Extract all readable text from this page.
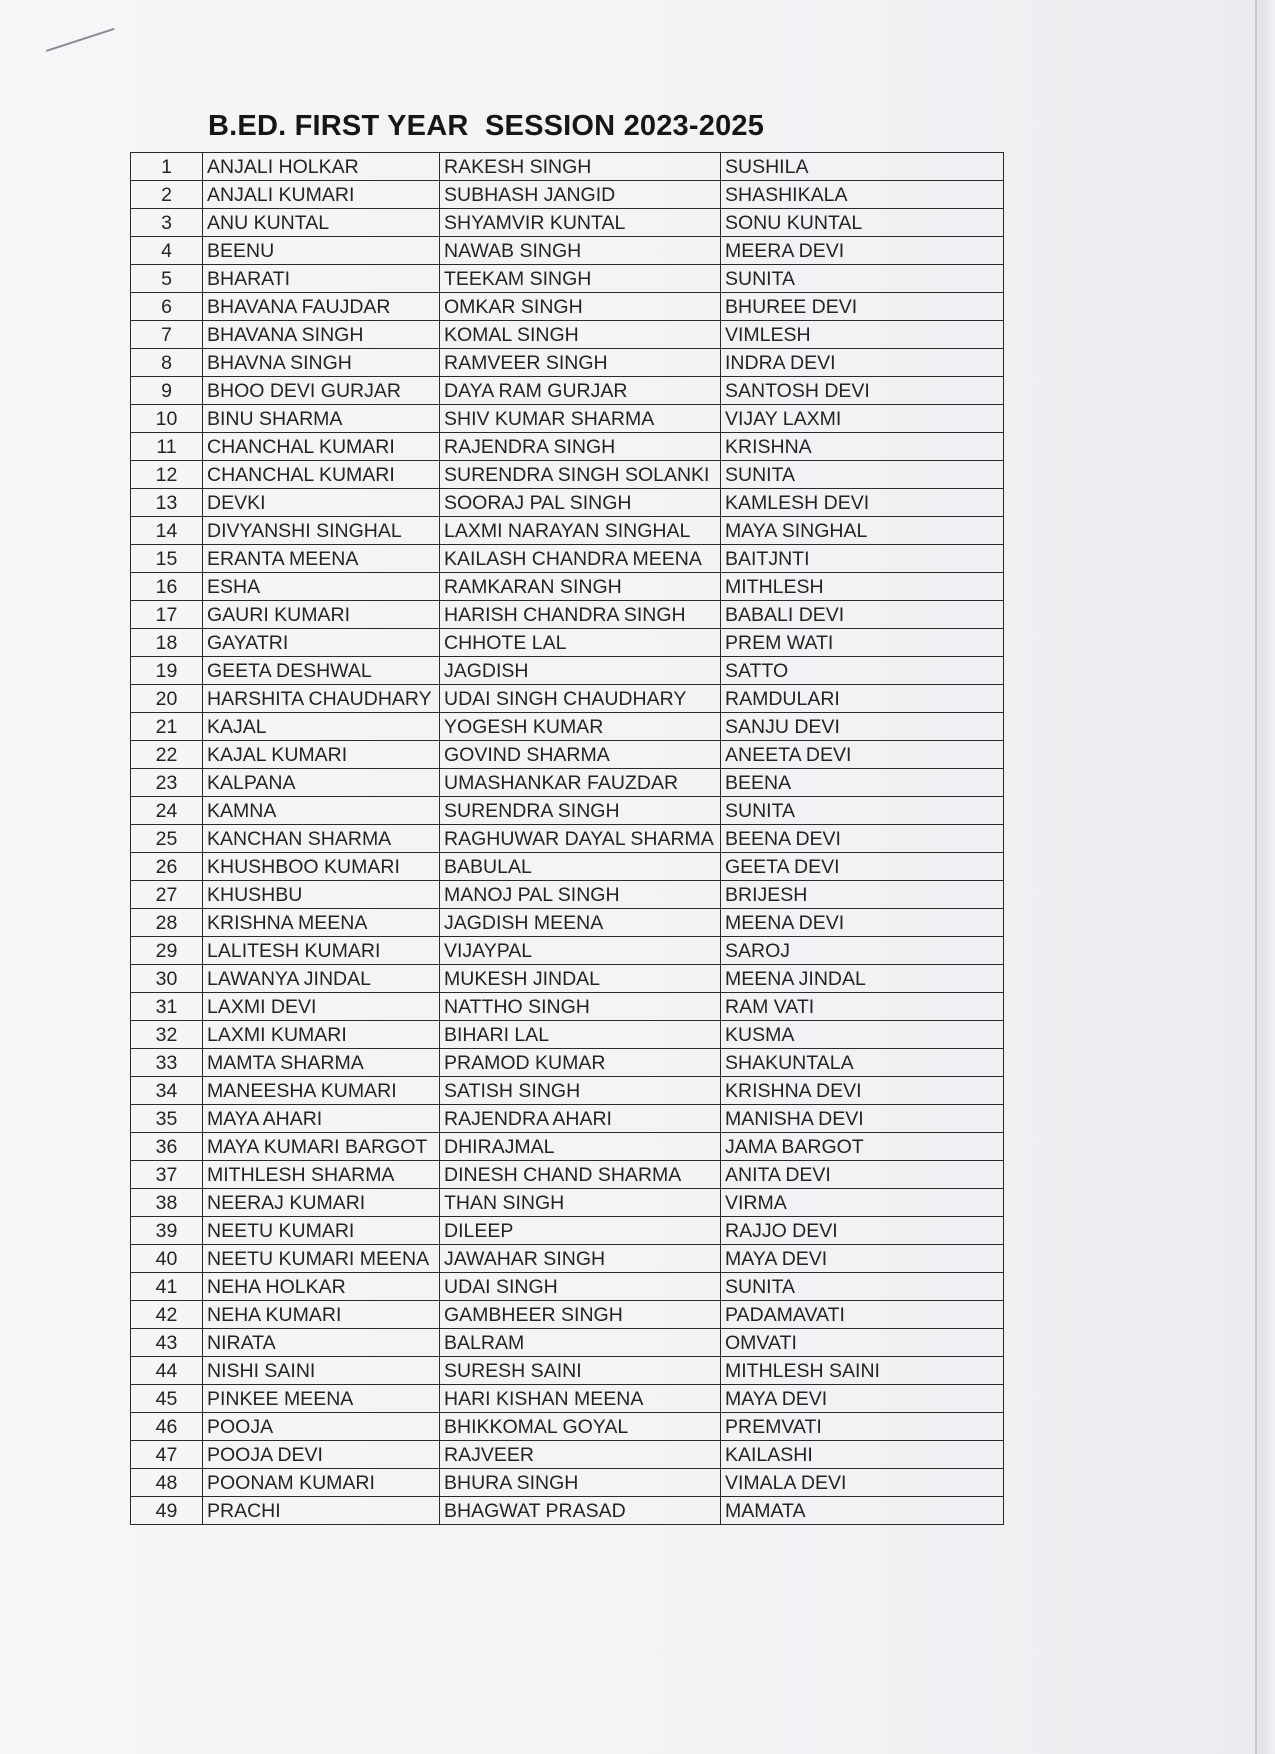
B.ED. FIRST YEAR  SESSION 2023-2025
1	ANJALI HOLKAR	RAKESH SINGH	SUSHILA
2	ANJALI KUMARI	SUBHASH JANGID	SHASHIKALA
3	ANU KUNTAL	SHYAMVIR KUNTAL	SONU KUNTAL
4	BEENU	NAWAB SINGH	MEERA DEVI
5	BHARATI	TEEKAM SINGH	SUNITA
6	BHAVANA FAUJDAR	OMKAR SINGH	BHUREE DEVI
7	BHAVANA SINGH	KOMAL SINGH	VIMLESH
8	BHAVNA SINGH	RAMVEER SINGH	INDRA DEVI
9	BHOO DEVI GURJAR	DAYA RAM GURJAR	SANTOSH DEVI
10	BINU SHARMA	SHIV KUMAR SHARMA	VIJAY LAXMI
11	CHANCHAL KUMARI	RAJENDRA SINGH	KRISHNA
12	CHANCHAL KUMARI	SURENDRA SINGH SOLANKI	SUNITA
13	DEVKI	SOORAJ PAL SINGH	KAMLESH DEVI
14	DIVYANSHI SINGHAL	LAXMI NARAYAN SINGHAL	MAYA SINGHAL
15	ERANTA MEENA	KAILASH CHANDRA MEENA	BAITJNTI
16	ESHA	RAMKARAN SINGH	MITHLESH
17	GAURI KUMARI	HARISH CHANDRA SINGH	BABALI DEVI
18	GAYATRI	CHHOTE LAL	PREM WATI
19	GEETA DESHWAL	JAGDISH	SATTO
20	HARSHITA CHAUDHARY	UDAI SINGH CHAUDHARY	RAMDULARI
21	KAJAL	YOGESH KUMAR	SANJU DEVI
22	KAJAL KUMARI	GOVIND SHARMA	ANEETA DEVI
23	KALPANA	UMASHANKAR FAUZDAR	BEENA
24	KAMNA	SURENDRA SINGH	SUNITA
25	KANCHAN SHARMA	RAGHUWAR DAYAL SHARMA	BEENA DEVI
26	KHUSHBOO KUMARI	BABULAL	GEETA DEVI
27	KHUSHBU	MANOJ PAL SINGH	BRIJESH
28	KRISHNA MEENA	JAGDISH MEENA	MEENA DEVI
29	LALITESH KUMARI	VIJAYPAL	SAROJ
30	LAWANYA JINDAL	MUKESH JINDAL	MEENA JINDAL
31	LAXMI DEVI	NATTHO SINGH	RAM VATI
32	LAXMI KUMARI	BIHARI LAL	KUSMA
33	MAMTA SHARMA	PRAMOD KUMAR	SHAKUNTALA
34	MANEESHA KUMARI	SATISH SINGH	KRISHNA DEVI
35	MAYA AHARI	RAJENDRA AHARI	MANISHA DEVI
36	MAYA KUMARI BARGOT	DHIRAJMAL	JAMA BARGOT
37	MITHLESH SHARMA	DINESH CHAND SHARMA	ANITA DEVI
38	NEERAJ KUMARI	THAN SINGH	VIRMA
39	NEETU KUMARI	DILEEP	RAJJO DEVI
40	NEETU KUMARI MEENA	JAWAHAR SINGH	MAYA DEVI
41	NEHA HOLKAR	UDAI SINGH	SUNITA
42	NEHA KUMARI	GAMBHEER SINGH	PADAMAVATI
43	NIRATA	BALRAM	OMVATI
44	NISHI SAINI	SURESH SAINI	MITHLESH SAINI
45	PINKEE MEENA	HARI KISHAN MEENA	MAYA DEVI
46	POOJA	BHIKKOMAL GOYAL	PREMVATI
47	POOJA DEVI	RAJVEER	KAILASHI
48	POONAM KUMARI	BHURA SINGH	VIMALA DEVI
49	PRACHI	BHAGWAT PRASAD	MAMATA
